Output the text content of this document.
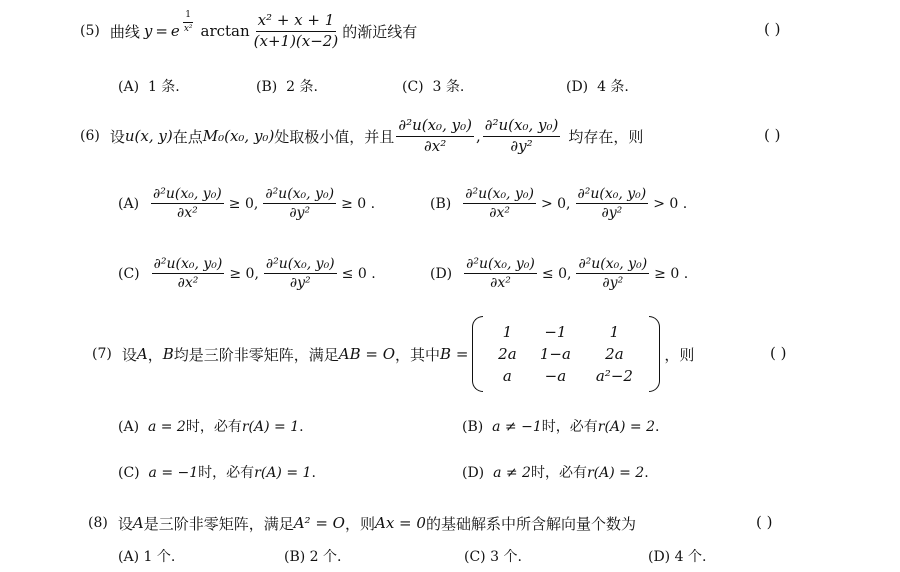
(5) 曲线 y = e $\frac{1}{\text{x²}}$ $\arctan \frac{\text{x² + x + 1}}{(x+1)(x-2)}$ 的渐近线有	( )
(A) 1 条.	(B) 2 条.	(C) 3 条.	(D) 4 条.
(6) 设 u(x, y) 在点 M₀(x₀, y₀) 处取极小值，并且 $\frac{\text{∂²u(x₀, y₀)}}{\text{∂x²}}$ , $\frac{\text{∂²u(x₀, y₀)}}{\text{∂y²}}$ 均存在，则	( )
$(A) \frac{\text{∂²u(x₀, y₀)}}{\text{∂x²}} \ge 0$, $\frac{\text{∂²u(x₀, y₀)}}{\text{∂y²}} \ge 0$ .	$(B) \frac{\text{∂²u(x₀, y₀)}}{\text{∂x²}} > 0$, $\frac{\text{∂²u(x₀, y₀)}}{\text{∂y²}} > 0$ .
$(C) \frac{\text{∂²u(x₀, y₀)}}{\text{∂x²}} \ge 0$, $\frac{\text{∂²u(x₀, y₀)}}{\text{∂y²}} \le 0$ .	$(D) \frac{\text{∂²u(x₀, y₀)}}{\text{∂x²}} \le 0$, $\frac{\text{∂²u(x₀, y₀)}}{\text{∂y²}} \ge 0$ .
(7) 设 A ， B 均是三阶非零矩阵，满足 AB = O ，其中 B =
1	−1	1
2a	1−a	2a
a	−a	a²−2
，则	( )
(A) a = 2时，必有r(A) = 1.	(B) a ≠ −1时，必有r(A) = 2.
(C) a = −1时，必有r(A) = 1.	(D) a ≠ 2时，必有r(A) = 2.
(8) 设 A 是三阶非零矩阵，满足 A² = O ，则 Ax = 0 的基础解系中所含解向量个数为	( )
(A) 1 个.	(B) 2 个.	(C) 3 个.	(D) 4 个.
